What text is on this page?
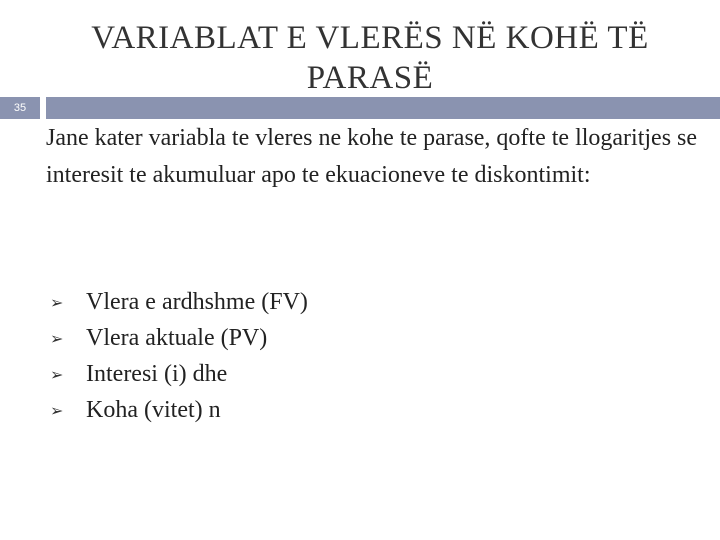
VARIABLAT E VLERËS NË KOHË TË PARASË
35
Jane kater variabla te vleres ne kohe te parase, qofte te llogaritjes se interesit te akumuluar apo te ekuacioneve te diskontimit:
➢ Vlera e ardhshme (FV)
➢ Vlera aktuale (PV)
➢ Interesi (i) dhe
➢ Koha (vitet) n
